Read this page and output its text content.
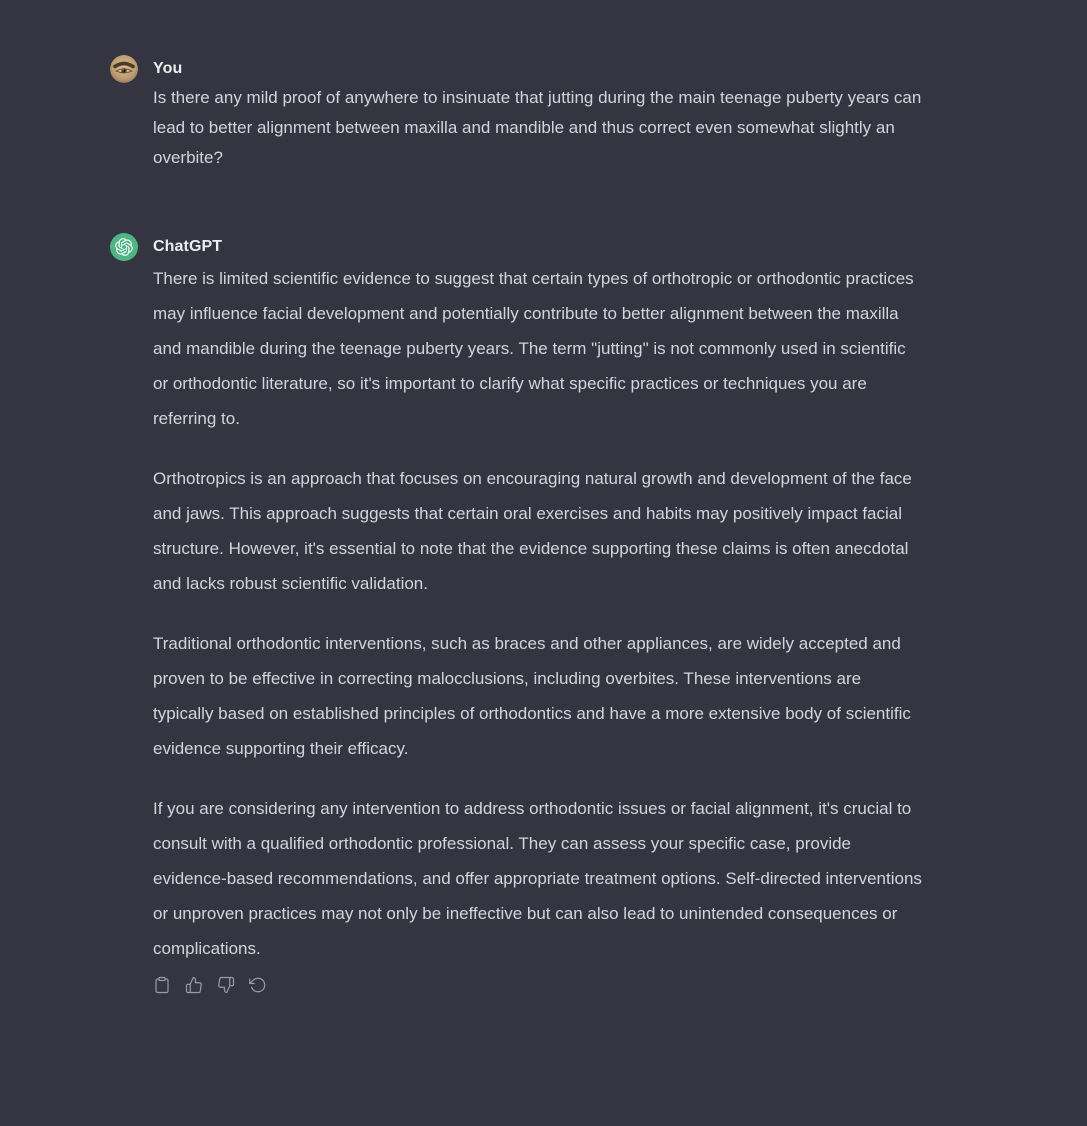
You
Is there any mild proof of anywhere to insinuate that jutting during the main teenage puberty years can lead to better alignment between maxilla and mandible and thus correct even somewhat slightly an overbite?
ChatGPT

There is limited scientific evidence to suggest that certain types of orthotropic or orthodontic practices may influence facial development and potentially contribute to better alignment between the maxilla and mandible during the teenage puberty years. The term "jutting" is not commonly used in scientific or orthodontic literature, so it's important to clarify what specific practices or techniques you are referring to.

Orthotropics is an approach that focuses on encouraging natural growth and development of the face and jaws. This approach suggests that certain oral exercises and habits may positively impact facial structure. However, it's essential to note that the evidence supporting these claims is often anecdotal and lacks robust scientific validation.

Traditional orthodontic interventions, such as braces and other appliances, are widely accepted and proven to be effective in correcting malocclusions, including overbites. These interventions are typically based on established principles of orthodontics and have a more extensive body of scientific evidence supporting their efficacy.

If you are considering any intervention to address orthodontic issues or facial alignment, it's crucial to consult with a qualified orthodontic professional. They can assess your specific case, provide evidence-based recommendations, and offer appropriate treatment options. Self-directed interventions or unproven practices may not only be ineffective but can also lead to unintended consequences or complications.
